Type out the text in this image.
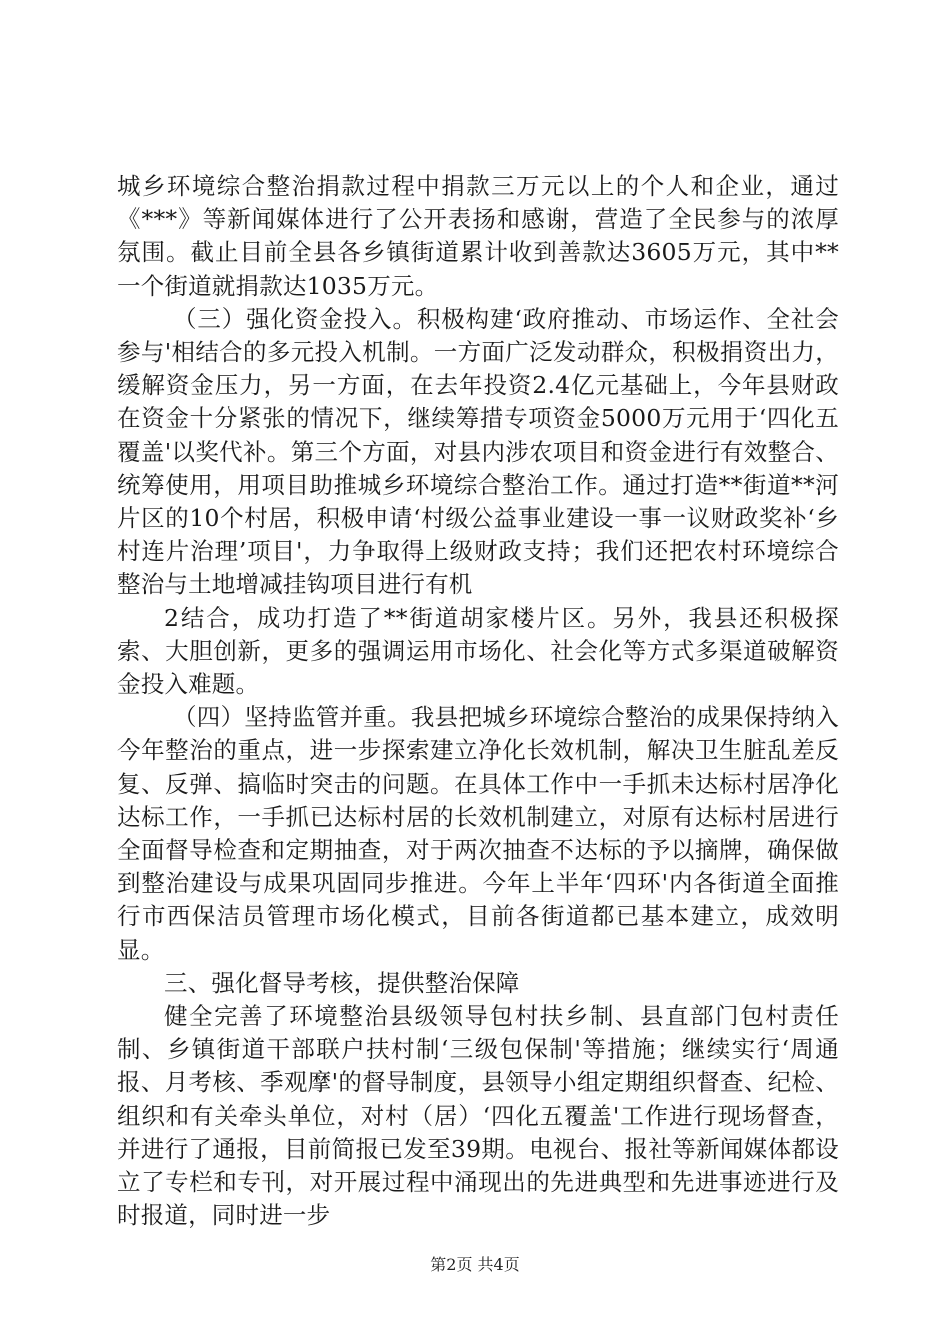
城乡环境综合整治捐款过程中捐款三万元以上的个人和企业，通过《***》等新闻媒体进行了公开表扬和感谢，营造了全民参与的浓厚氛围。截止目前全县各乡镇街道累计收到善款达3605万元，其中**一个街道就捐款达1035万元。

（三）强化资金投入。积极构建‘政府推动、市场运作、全社会参与'相结合的多元投入机制。一方面广泛发动群众，积极捐资出力，缓解资金压力，另一方面，在去年投资2.4亿元基础上，今年县财政在资金十分紧张的情况下，继续筹措专项资金5000万元用于‘四化五覆盖'以奖代补。第三个方面，对县内涉农项目和资金进行有效整合、统筹使用，用项目助推城乡环境综合整治工作。通过打造**街道**河片区的10个村居，积极申请‘村级公益事业建设一事一议财政奖补‘乡村连片治理’项目'，力争取得上级财政支持；我们还把农村环境综合整治与土地增减挂钩项目进行有机

2结合，成功打造了**街道胡家楼片区。另外，我县还积极探索、大胆创新，更多的强调运用市场化、社会化等方式多渠道破解资金投入难题。

（四）坚持监管并重。我县把城乡环境综合整治的成果保持纳入今年整治的重点，进一步探索建立净化长效机制，解决卫生脏乱差反复、反弹、搞临时突击的问题。在具体工作中一手抓未达标村居净化达标工作，一手抓已达标村居的长效机制建立，对原有达标村居进行全面督导检查和定期抽查，对于两次抽查不达标的予以摘牌，确保做到整治建设与成果巩固同步推进。今年上半年‘四环'内各街道全面推行市西保洁员管理市场化模式，目前各街道都已基本建立，成效明显。

三、强化督导考核，提供整治保障

健全完善了环境整治县级领导包村扶乡制、县直部门包村责任制、乡镇街道干部联户扶村制‘三级包保制'等措施；继续实行‘周通报、月考核、季观摩'的督导制度，县领导小组定期组织督查、纪检、组织和有关牵头单位，对村（居）‘四化五覆盖'工作进行现场督查，并进行了通报，目前简报已发至39期。电视台、报社等新闻媒体都设立了专栏和专刊，对开展过程中涌现出的先进典型和先进事迹进行及时报道，同时进一步

第2页 共4页
